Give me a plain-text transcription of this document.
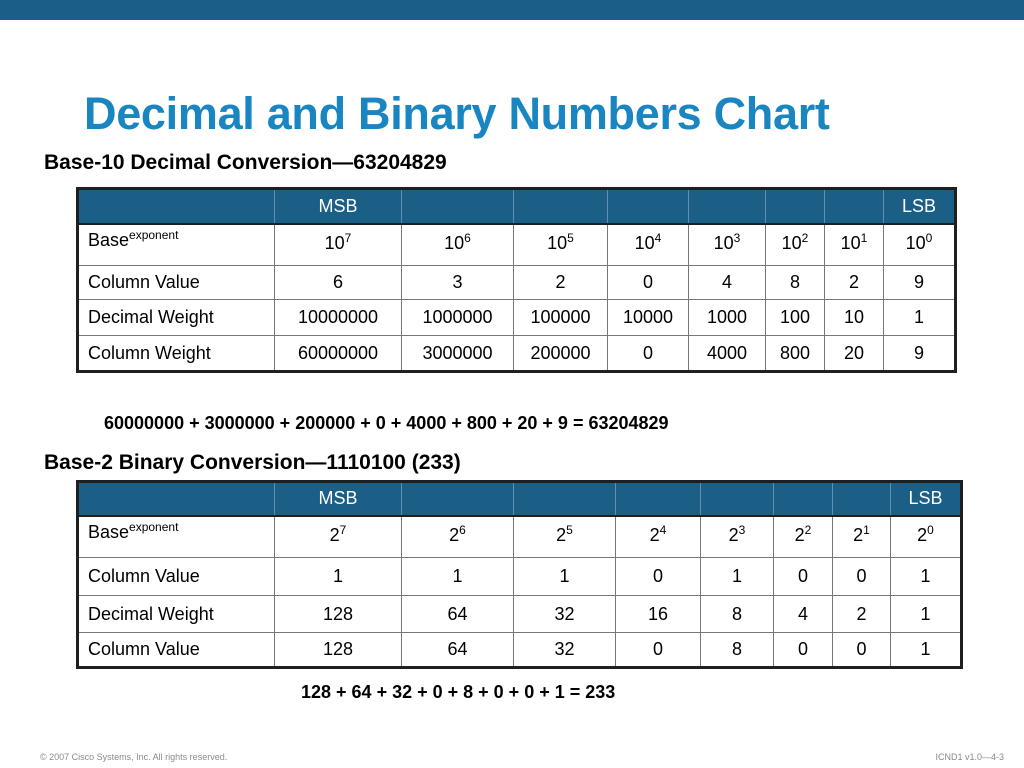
Decimal and Binary Numbers Chart
Base-10 Decimal Conversion—63204829
	MSB							LSB
Base$^{exponent}$	$10^7$	$10^6$	$10^5$	$10^4$	$10^3$	$10^2$	$10^1$	$10^0$
Column Value	6	3	2	0	4	8	2	9
Decimal Weight	10000000	1000000	100000	10000	1000	100	10	1
Column Weight	60000000	3000000	200000	0	4000	800	20	9
60000000 + 3000000 + 200000 + 0 + 4000 + 800 + 20 + 9 = 63204829
Base-2 Binary Conversion—1110100 (233)
	MSB							LSB
Base$^{exponent}$	$2^7$	$2^6$	$2^5$	$2^4$	$2^3$	$2^2$	$2^1$	$2^0$
Column Value	1	1	1	0	1	0	0	1
Decimal Weight	128	64	32	16	8	4	2	1
Column Value	128	64	32	0	8	0	0	1
128 + 64 + 32 + 0 + 8 + 0 + 0 + 1 = 233
© 2007 Cisco Systems, Inc. All rights reserved.	ICND1 v1.0—4-3
